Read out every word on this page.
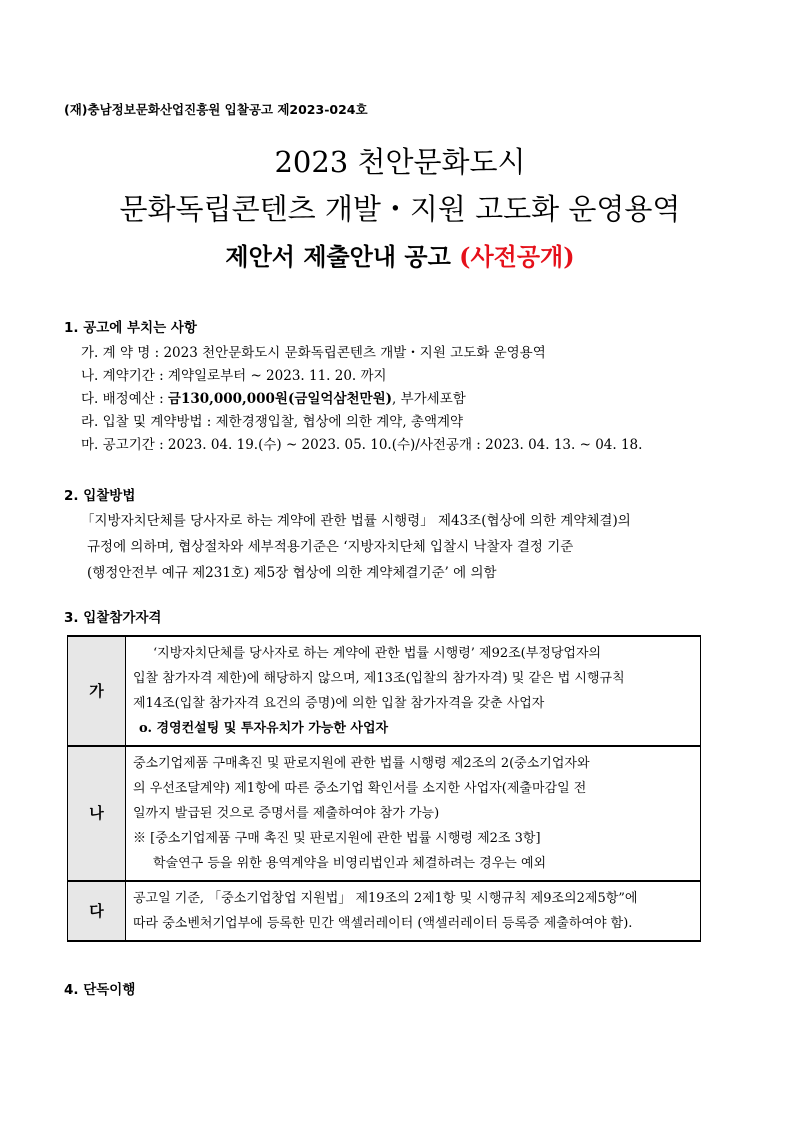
(재)충남정보문화산업진흥원 입찰공고 제2023-024호
2023 천안문화도시
문화독립콘텐츠 개발・지원 고도화 운영용역
제안서 제출안내 공고 (사전공개)
1. 공고에 부치는 사항
가. 계 약 명 : 2023 천안문화도시 문화독립콘텐츠 개발・지원 고도화 운영용역
나. 계약기간 : 계약일로부터 ~ 2023. 11. 20. 까지
다. 배정예산 : 금130,000,000원(금일억삼천만원), 부가세포함
라. 입찰 및 계약방법 : 제한경쟁입찰, 협상에 의한 계약, 총액계약
마. 공고기간 : 2023. 04. 19.(수) ~ 2023. 05. 10.(수)/사전공개 : 2023. 04. 13. ~ 04. 18.
2. 입찰방법
「지방자치단체를 당사자로 하는 계약에 관한 법률 시행령」 제43조(협상에 의한 계약체결)의
규정에 의하며, 협상절차와 세부적용기준은 ‘지방자치단체 입찰시 낙찰자 결정 기준
(행정안전부 예규 제231호) 제5장 협상에 의한 계약체결기준’ 에 의함
3. 입찰참가자격
가	‘지방자치단체를 당사자로 하는 계약에 관한 법률 시행령’ 제92조(부정당업자의
입찰 참가자격 제한)에 해당하지 않으며, 제13조(입찰의 참가자격) 및 같은 법 시행규칙
제14조(입찰 참가자격 요건의 증명)에 의한 입찰 참가자격을 갖춘 사업자
o. 경영컨설팅 및 투자유치가 가능한 사업자

나	중소기업제품 구매촉진 및 판로지원에 관한 법률 시행령 제2조의 2(중소기업자와
의 우선조달계약) 제1항에 따른 중소기업 확인서를 소지한 사업자(제출마감일 전
일까지 발급된 것으로 증명서를 제출하여야 참가 가능)
※ [중소기업제품 구매 촉진 및 판로지원에 관한 법률 시행령 제2조 3항]
학술연구 등을 위한 용역계약을 비영리법인과 체결하려는 경우는 예외

다	공고일 기준, 「중소기업창업 지원법」 제19조의 2제1항 및 시행규칙 제9조의2제5항”에
따라 중소벤처기업부에 등록한 민간 액셀러레이터 (액셀러레이터 등록증 제출하여야 함).
4. 단독이행
